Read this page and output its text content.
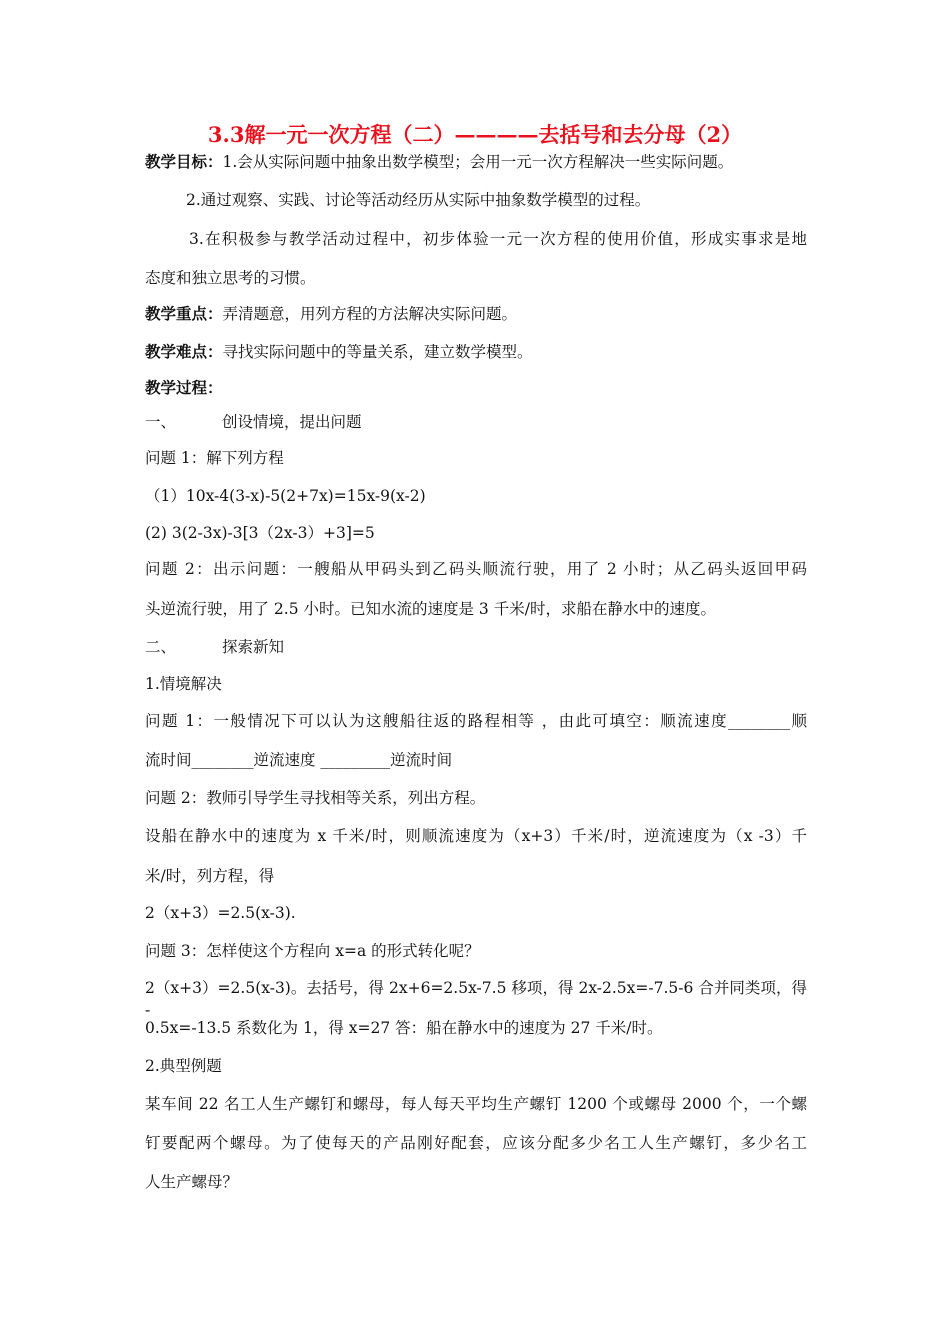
3.3解一元一次方程（二）————去括号和去分母（2）
教学目标：1.会从实际问题中抽象出数学模型；会用一元一次方程解决一些实际问题。
2.通过观察、实践、讨论等活动经历从实际中抽象数学模型的过程。
3.在积极参与教学活动过程中，初步体验一元一次方程的使用价值，形成实事求是地
态度和独立思考的习惯。
教学重点：弄清题意，用列方程的方法解决实际问题。
教学难点：寻找实际问题中的等量关系，建立数学模型。
教学过程：
一、	创设情境，提出问题
问题 1：解下列方程
（1）10x-4(3-x)-5(2+7x)=15x-9(x-2)
(2) 3(2-3x)-3[3（2x-3）+3]=5
问题 2：出示问题：一艘船从甲码头到乙码头顺流行驶，用了 2 小时；从乙码头返回甲码
头逆流行驶，用了 2.5 小时。已知水流的速度是 3 千米/时，求船在静水中的速度。
二、	探索新知
1.情境解决
问题 1：一般情况下可以认为这艘船往返的路程相等 ，由此可填空：顺流速度________顺
流时间________逆流速度 _________逆流时间
问题 2：教师引导学生寻找相等关系，列出方程。
设船在静水中的速度为 x 千米/时，则顺流速度为（x+3）千米/时，逆流速度为（x -3）千
米/时，列方程，得
2（x+3）=2.5(x-3).
问题 3：怎样使这个方程向 x=a 的形式转化呢？
2（x+3）=2.5(x-3)。去括号，得 2x+6=2.5x-7.5 移项，得 2x-2.5x=-7.5-6 合并同类项，得 -
0.5x=-13.5 系数化为 1，得 x=27 答：船在静水中的速度为 27 千米/时。
2.典型例题
某车间 22 名工人生产螺钉和螺母，每人每天平均生产螺钉 1200 个或螺母 2000 个，一个螺
钉要配两个螺母。为了使每天的产品刚好配套，应该分配多少名工人生产螺钉，多少名工
人生产螺母？
